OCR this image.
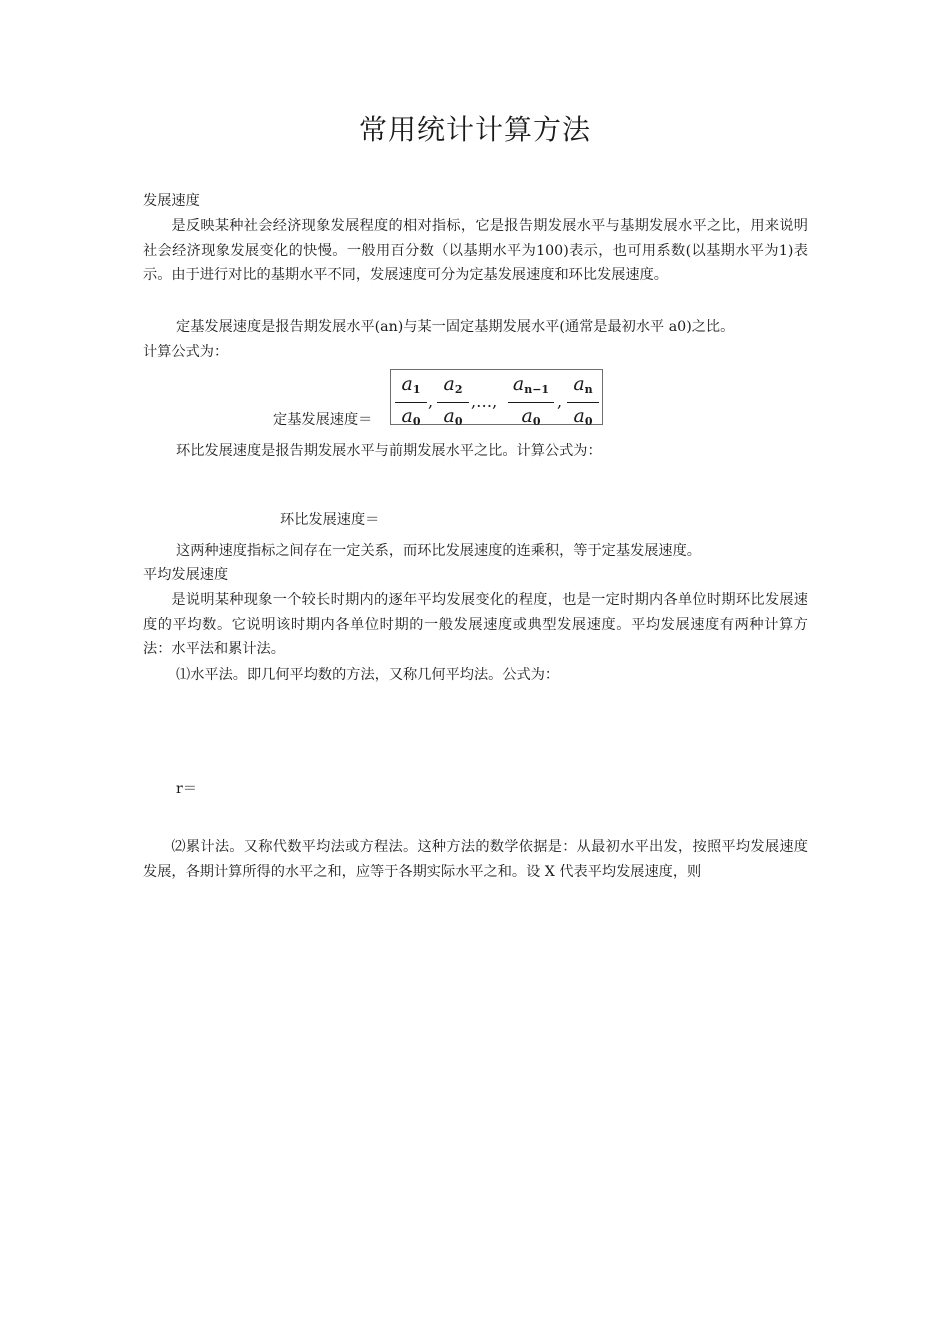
常用统计计算方法
发展速度
是反映某种社会经济现象发展程度的相对指标，它是报告期发展水平与基期发展水平之比，用来说明社会经济现象发展变化的快慢。一般用百分数（以基期水平为100)表示，也可用系数(以基期水平为1)表示。由于进行对比的基期水平不同，发展速度可分为定基发展速度和环比发展速度。
定基发展速度是报告期发展水平(an)与某一固定基期发展水平(通常是最初水平 a0)之比。
计算公式为：
定基发展速度＝
$a_1$
$a_0$
,
$a_2$
$a_0$
,…,
$a_{n-1}$
$a_0$
,
$a_n$
$a_0$
环比发展速度是报告期发展水平与前期发展水平之比。计算公式为：
环比发展速度＝
这两种速度指标之间存在一定关系，而环比发展速度的连乘积，等于定基发展速度。
平均发展速度
是说明某种现象一个较长时期内的逐年平均发展变化的程度，也是一定时期内各单位时期环比发展速度的平均数。它说明该时期内各单位时期的一般发展速度或典型发展速度。平均发展速度有两种计算方法：水平法和累计法。
⑴水平法。即几何平均数的方法，又称几何平均法。公式为：
r＝
⑵累计法。又称代数平均法或方程法。这种方法的数学依据是：从最初水平出发，按照平均发展速度发展，各期计算所得的水平之和，应等于各期实际水平之和。设 X 代表平均发展速度，则
